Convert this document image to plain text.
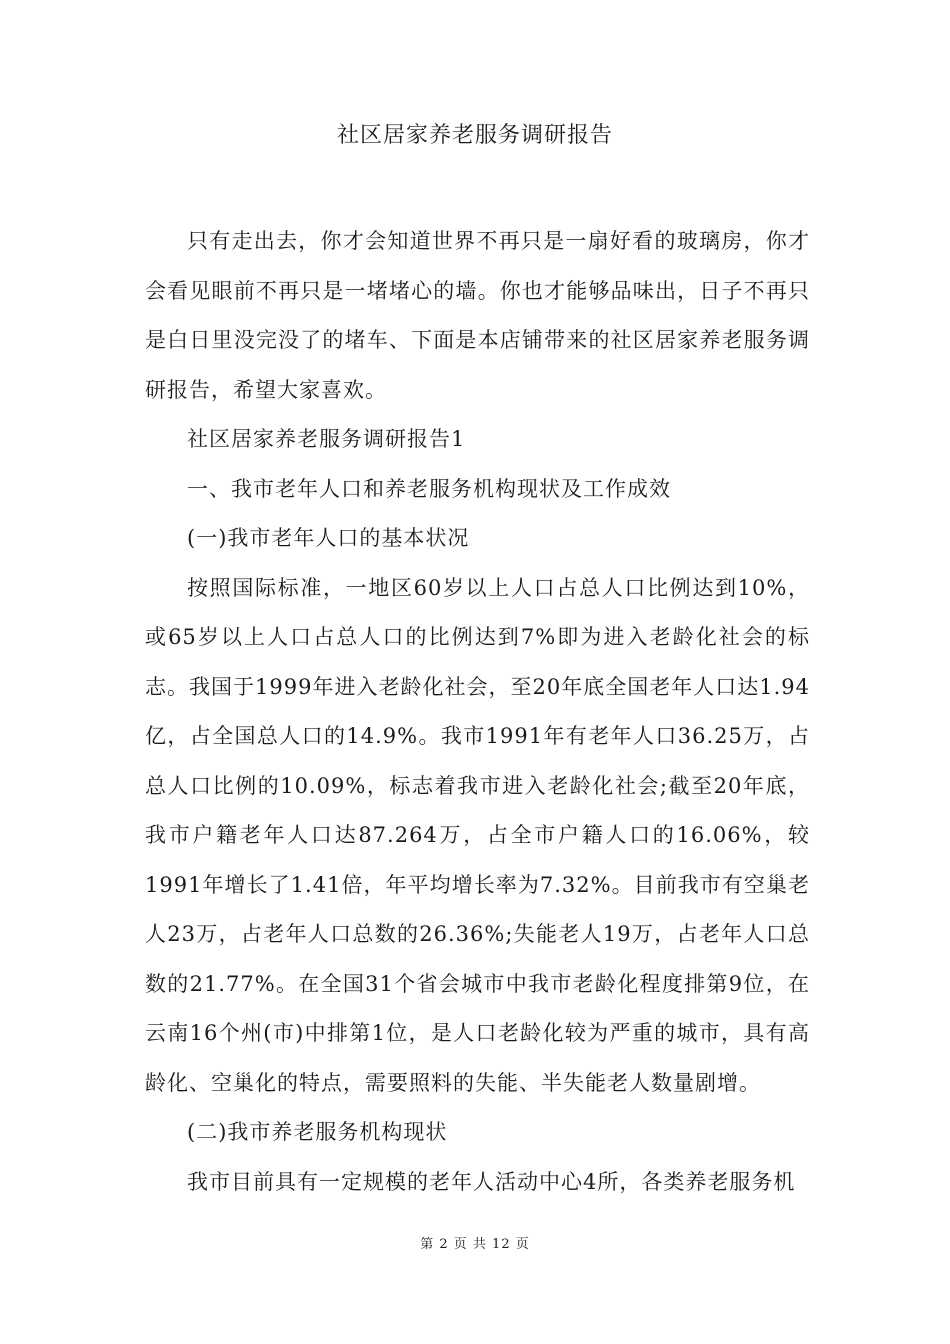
社区居家养老服务调研报告

只有走出去，你才会知道世界不再只是一扇好看的玻璃房，你才会看见眼前不再只是一堵堵心的墙。你也才能够品味出，日子不再只是白日里没完没了的堵车、下面是本店铺带来的社区居家养老服务调研报告，希望大家喜欢。

社区居家养老服务调研报告1

一、我市老年人口和养老服务机构现状及工作成效

(一)我市老年人口的基本状况

按照国际标准，一地区60岁以上人口占总人口比例达到10%，或65岁以上人口占总人口的比例达到7%即为进入老龄化社会的标志。我国于1999年进入老龄化社会，至20年底全国老年人口达1.94亿，占全国总人口的14.9%。我市1991年有老年人口36.25万，占总人口比例的10.09%，标志着我市进入老龄化社会;截至20年底，我市户籍老年人口达87.264万，占全市户籍人口的16.06%，较1991年增长了1.41倍，年平均增长率为7.32%。目前我市有空巢老人23万，占老年人口总数的26.36%;失能老人19万，占老年人口总数的21.77%。在全国31个省会城市中我市老龄化程度排第9位，在云南16个州(市)中排第1位，是人口老龄化较为严重的城市，具有高龄化、空巢化的特点，需要照料的失能、半失能老人数量剧增。

(二)我市养老服务机构现状

我市目前具有一定规模的老年人活动中心4所，各类养老服务机

第 2 页 共 12 页
